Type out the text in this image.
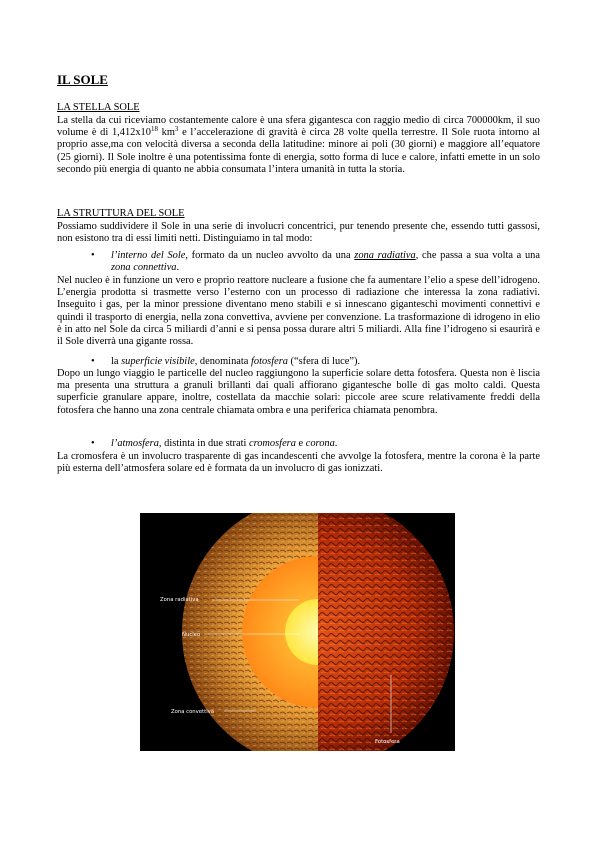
IL SOLE
LA STELLA SOLE
La stella da cui riceviamo costantemente calore è una sfera gigantesca con raggio medio di circa 700000km, il suo volume è di $1,412x10^{18}$ $km^3$ e l’accelerazione di gravità è circa 28 volte quella terrestre. Il Sole ruota intorno al proprio asse,ma con velocità diversa a seconda della latitudine: minore ai poli (30 giorni) e maggiore all’equatore (25 giorni). Il Sole inoltre è una potentissima fonte di energia, sotto forma di luce e calore, infatti emette in un solo secondo più energia di quanto ne abbia consumata l’intera umanità in tutta la storia.
LA STRUTTURA DEL SOLE
Possiamo suddividere il Sole in una serie di involucri concentrici, pur tenendo presente che, essendo tutti gassosi, non esistono tra di essi limiti netti. Distinguiamo in tal modo:
• l’interno del Sole, formato da un nucleo avvolto da una zona radiativa, che passa a sua volta a una zona connettiva.
Nel nucleo è in funzione un vero e proprio reattore nucleare a fusione che fa aumentare l’elio a spese dell’idrogeno. L’energia prodotta si trasmette verso l’esterno con un processo di radiazione che interessa la zona radiativi. Inseguito i gas, per la minor pressione diventano meno stabili e si innescano giganteschi movimenti connettivi e quindi il trasporto di energia, nella zona convettiva, avviene per convenzione. La trasformazione di idrogeno in elio è in atto nel Sole da circa 5 miliardi d’anni e si pensa possa durare altri 5 miliardi. Alla fine l’idrogeno si esaurirà e il Sole diverrà una gigante rossa.
• la superficie visibile, denominata fotosfera (“sfera di luce”).
Dopo un lungo viaggio le particelle del nucleo raggiungono la superficie solare detta fotosfera. Questa non è liscia ma presenta una struttura a granuli brillanti dai quali affiorano gigantesche bolle di gas molto caldi. Questa superficie granulare appare, inoltre, costellata da macchie solari: piccole aree scure relativamente freddi della fotosfera che hanno una zona centrale chiamata ombra e una periferica chiamata penombra.
• l’atmosfera, distinta in due strati cromosfera e corona.
La cromosfera è un involucro trasparente di gas incandescenti che avvolge la fotosfera, mentre la corona è la parte più esterna dell’atmosfera solare ed è formata da un involucro di gas ionizzati.
Zona radiativa
Nucleo
Zona convettiva
Fotosfera
